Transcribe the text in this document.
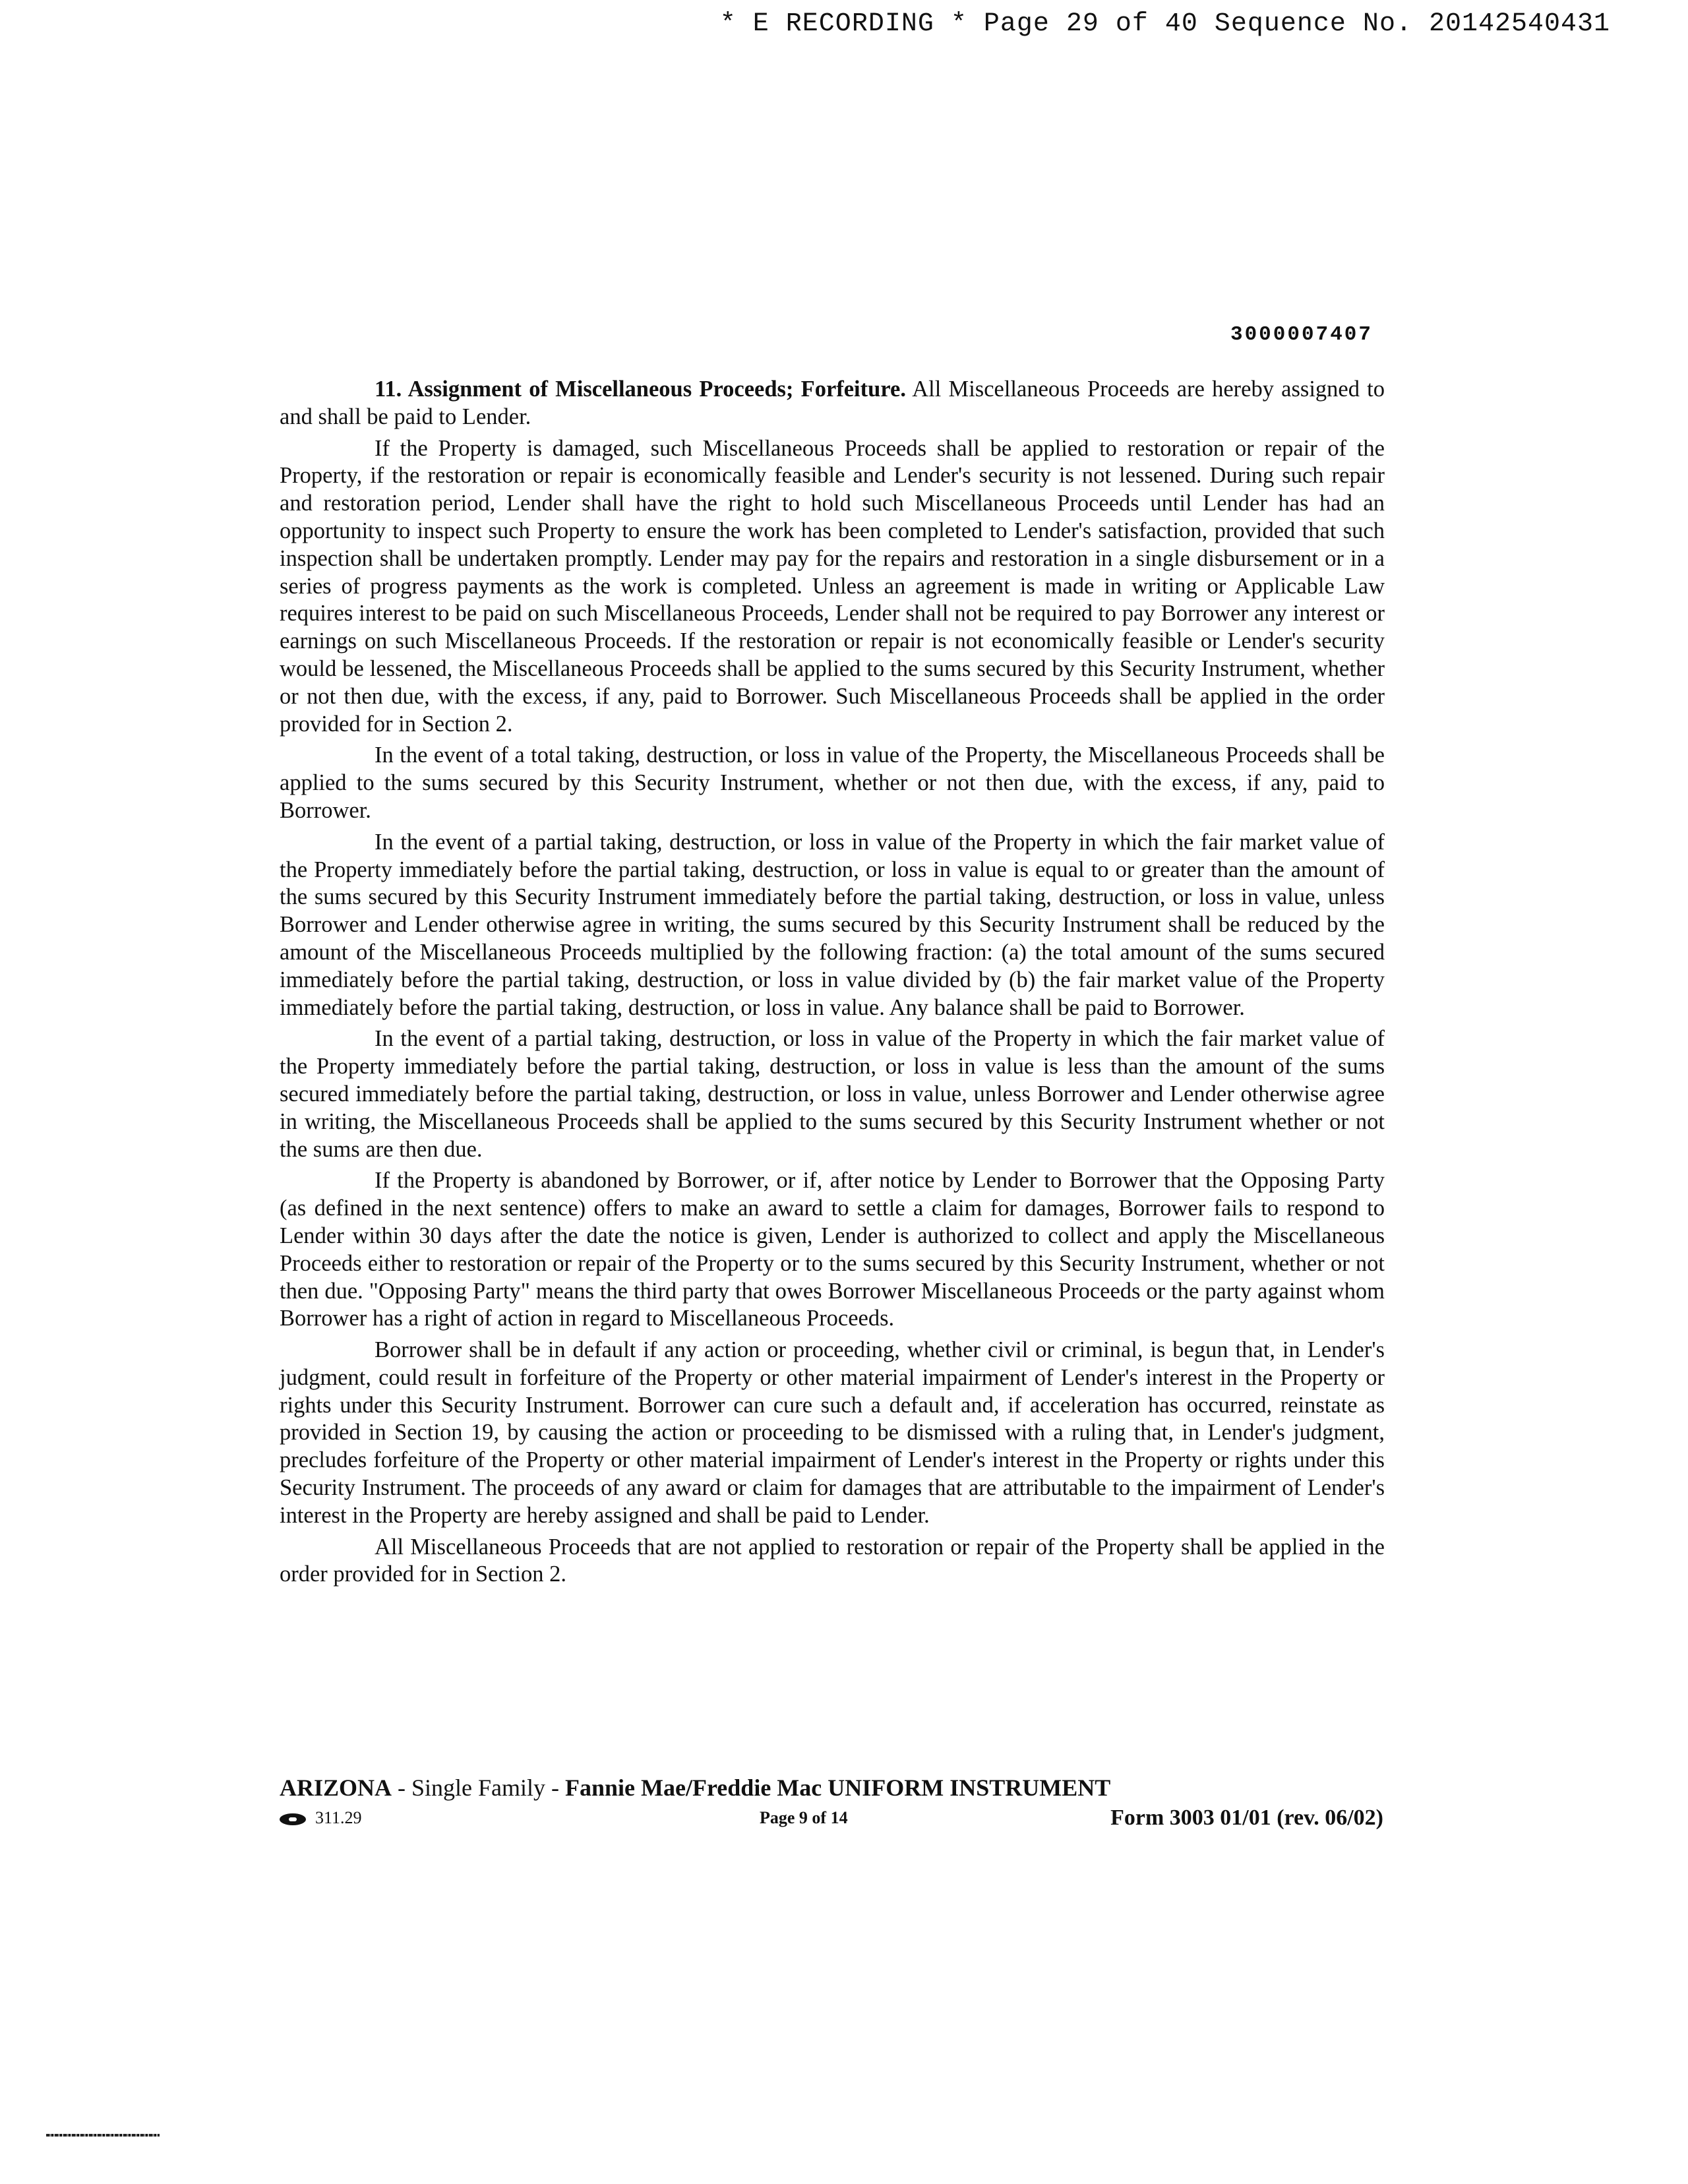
* E RECORDING * Page 29 of 40 Sequence No. 20142540431
3000007407

11. Assignment of Miscellaneous Proceeds; Forfeiture. All Miscellaneous Proceeds are hereby assigned to and shall be paid to Lender.

If the Property is damaged, such Miscellaneous Proceeds shall be applied to restoration or repair of the Property, if the restoration or repair is economically feasible and Lender's security is not lessened. During such repair and restoration period, Lender shall have the right to hold such Miscellaneous Proceeds until Lender has had an opportunity to inspect such Property to ensure the work has been completed to Lender's satisfaction, provided that such inspection shall be undertaken promptly. Lender may pay for the repairs and restoration in a single disbursement or in a series of progress payments as the work is completed. Unless an agreement is made in writing or Applicable Law requires interest to be paid on such Miscellaneous Proceeds, Lender shall not be required to pay Borrower any interest or earnings on such Miscellaneous Proceeds. If the restoration or repair is not economically feasible or Lender's security would be lessened, the Miscellaneous Proceeds shall be applied to the sums secured by this Security Instrument, whether or not then due, with the excess, if any, paid to Borrower. Such Miscellaneous Proceeds shall be applied in the order provided for in Section 2.

In the event of a total taking, destruction, or loss in value of the Property, the Miscellaneous Proceeds shall be applied to the sums secured by this Security Instrument, whether or not then due, with the excess, if any, paid to Borrower.

In the event of a partial taking, destruction, or loss in value of the Property in which the fair market value of the Property immediately before the partial taking, destruction, or loss in value is equal to or greater than the amount of the sums secured by this Security Instrument immediately before the partial taking, destruction, or loss in value, unless Borrower and Lender otherwise agree in writing, the sums secured by this Security Instrument shall be reduced by the amount of the Miscellaneous Proceeds multiplied by the following fraction: (a) the total amount of the sums secured immediately before the partial taking, destruction, or loss in value divided by (b) the fair market value of the Property immediately before the partial taking, destruction, or loss in value. Any balance shall be paid to Borrower.

In the event of a partial taking, destruction, or loss in value of the Property in which the fair market value of the Property immediately before the partial taking, destruction, or loss in value is less than the amount of the sums secured immediately before the partial taking, destruction, or loss in value, unless Borrower and Lender otherwise agree in writing, the Miscellaneous Proceeds shall be applied to the sums secured by this Security Instrument whether or not the sums are then due.

If the Property is abandoned by Borrower, or if, after notice by Lender to Borrower that the Opposing Party (as defined in the next sentence) offers to make an award to settle a claim for damages, Borrower fails to respond to Lender within 30 days after the date the notice is given, Lender is authorized to collect and apply the Miscellaneous Proceeds either to restoration or repair of the Property or to the sums secured by this Security Instrument, whether or not then due. "Opposing Party" means the third party that owes Borrower Miscellaneous Proceeds or the party against whom Borrower has a right of action in regard to Miscellaneous Proceeds.

Borrower shall be in default if any action or proceeding, whether civil or criminal, is begun that, in Lender's judgment, could result in forfeiture of the Property or other material impairment of Lender's interest in the Property or rights under this Security Instrument. Borrower can cure such a default and, if acceleration has occurred, reinstate as provided in Section 19, by causing the action or proceeding to be dismissed with a ruling that, in Lender's judgment, precludes forfeiture of the Property or other material impairment of Lender's interest in the Property or rights under this Security Instrument. The proceeds of any award or claim for damages that are attributable to the impairment of Lender's interest in the Property are hereby assigned and shall be paid to Lender.

All Miscellaneous Proceeds that are not applied to restoration or repair of the Property shall be applied in the order provided for in Section 2.

ARIZONA - Single Family - Fannie Mae/Freddie Mac UNIFORM INSTRUMENT
311.29	Page 9 of 14	Form 3003 01/01 (rev. 06/02)
